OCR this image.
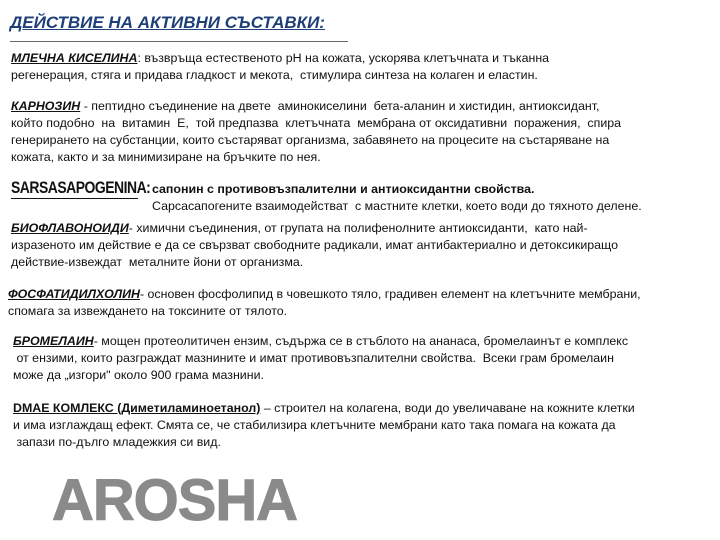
ДЕЙСТВИЕ НА АКТИВНИ СЪСТАВКИ:
МЛЕЧНА КИСЕЛИНА: възвръща естественото pH на кожата, ускорява клетъчната и тъканна
регенерация, стяга и придава гладкост и мекота,  стимулира синтеза на колаген и еластин.
КАРНОЗИН - пептидно съединение на двете  аминокиселини  бета-аланин и хистидин, антиоксидант,
който подобно  на  витамин  Е,  той предпазва  клетъчната  мембрана от оксидативни  поражения,  спира
генерирането на субстанции, които състаряват организма, забавянето на процесите на състаряване на
кожата, както и за минимизиране на бръчките по нея.
SARSASAPOGENINA: сапонин с противовъзпалителни и антиоксидантни свойства.
Сарсасапогените взаимодействат  с мастните клетки, което води до тяхното делене.
БИОФЛАВОНОИДИ- химични съединения, от групата на полифенолните антиоксиданти,  като най-
изразеното им действие е да се свързват свободните радикали, имат антибактериално и детоксикиращо
действие-извеждат  металните йони от организма.
ФОСФАТИДИЛХОЛИН- основен фосфолипид в човешкото тяло, градивен елемент на клетъчните мембрани,
спомага за извеждането на токсините от тялото.
БРОМЕЛАИН- мощен протеолитичен ензим, съдържа се в стъблото на ананаса, бромелаинът е комплекс
от ензими, които разграждат мазнините и имат противовъзпалителни свойства.  Всеки грам бромелаин
може да „изгори" около 900 грама мазнини.
DMAE КОМЛЕКС (Диметиламиноетанол) – строител на колагена, води до увеличаване на кожните клетки
и има изглаждащ ефект. Смята се, че стабилизира клетъчните мембрани като така помага на кожата да
запази по-дълго младежкия си вид.
AROSHA
